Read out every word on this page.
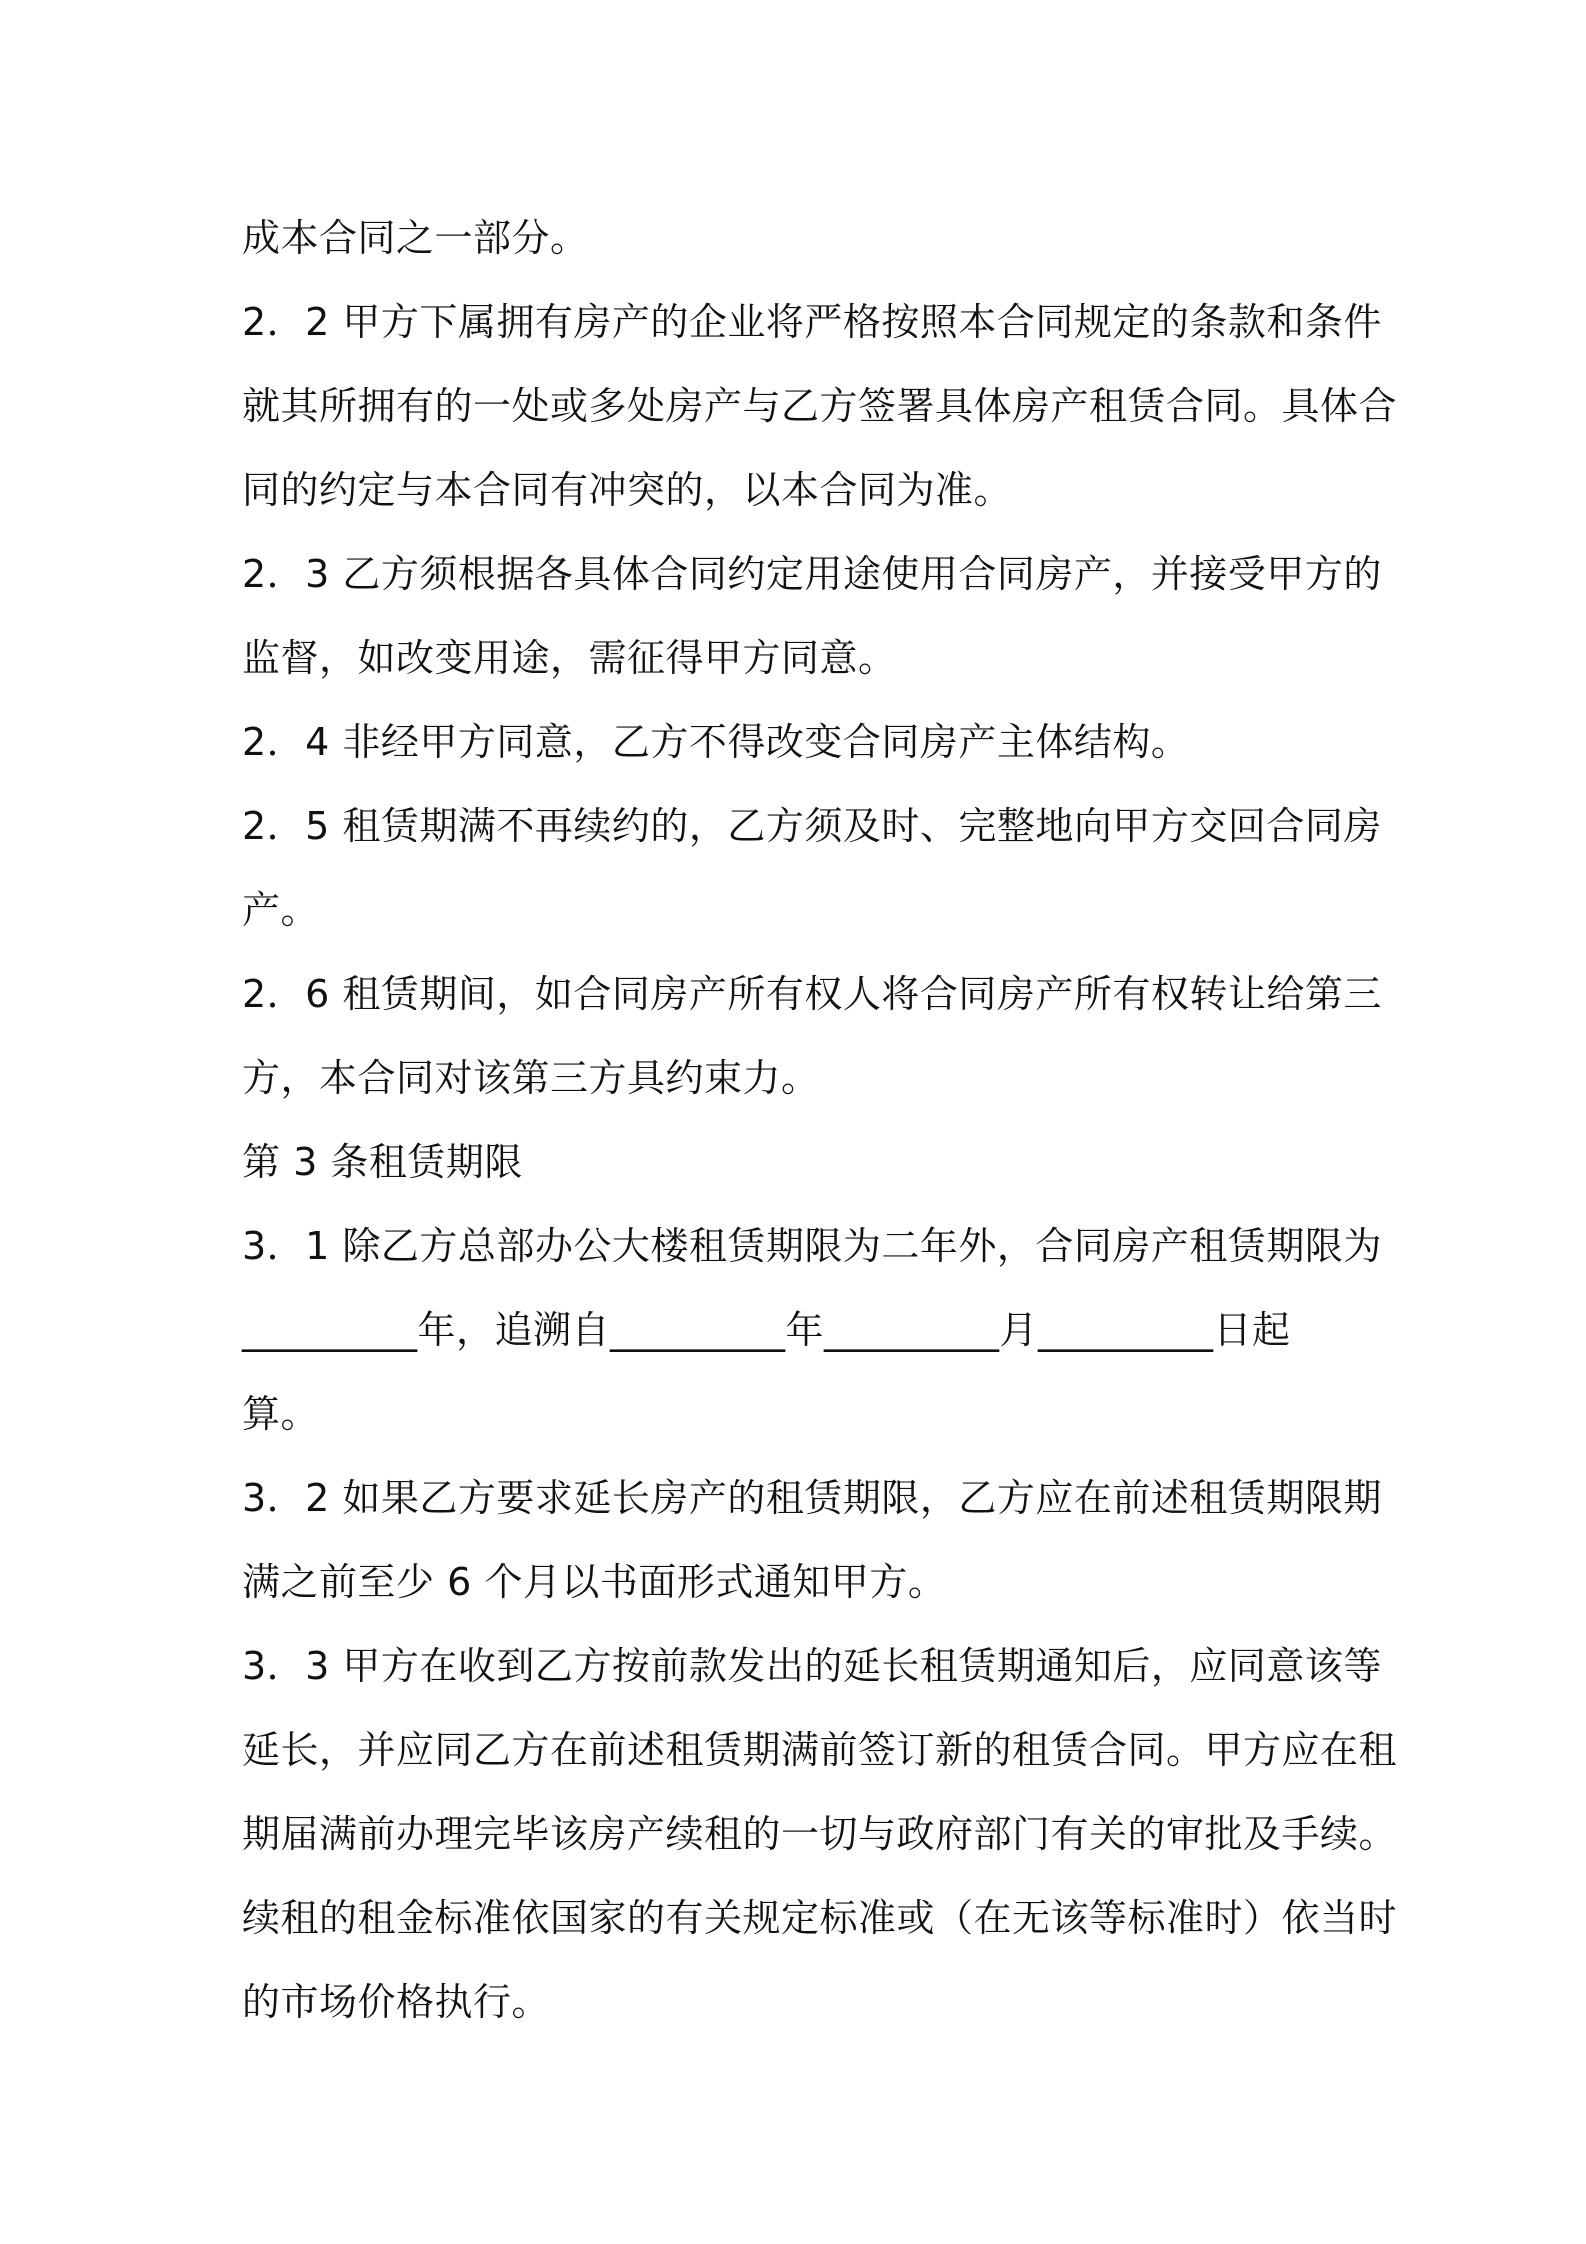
成本合同之一部分。
2．2 甲方下属拥有房产的企业将严格按照本合同规定的条款和条件
就其所拥有的一处或多处房产与乙方签署具体房产租赁合同。具体合
同的约定与本合同有冲突的，以本合同为准。
2．3 乙方须根据各具体合同约定用途使用合同房产，并接受甲方的
监督，如改变用途，需征得甲方同意。
2．4 非经甲方同意，乙方不得改变合同房产主体结构。
2．5 租赁期满不再续约的，乙方须及时、完整地向甲方交回合同房
产。
2．6 租赁期间，如合同房产所有权人将合同房产所有权转让给第三
方，本合同对该第三方具约束力。
第 3 条租赁期限
3．1 除乙方总部办公大楼租赁期限为二年外，合同房产租赁期限为
_________年，追溯自_________年_________月_________日起
算。
3．2 如果乙方要求延长房产的租赁期限，乙方应在前述租赁期限期
满之前至少 6 个月以书面形式通知甲方。
3．3 甲方在收到乙方按前款发出的延长租赁期通知后，应同意该等
延长，并应同乙方在前述租赁期满前签订新的租赁合同。甲方应在租
期届满前办理完毕该房产续租的一切与政府部门有关的审批及手续。
续租的租金标准依国家的有关规定标准或（在无该等标准时）依当时
的市场价格执行。
